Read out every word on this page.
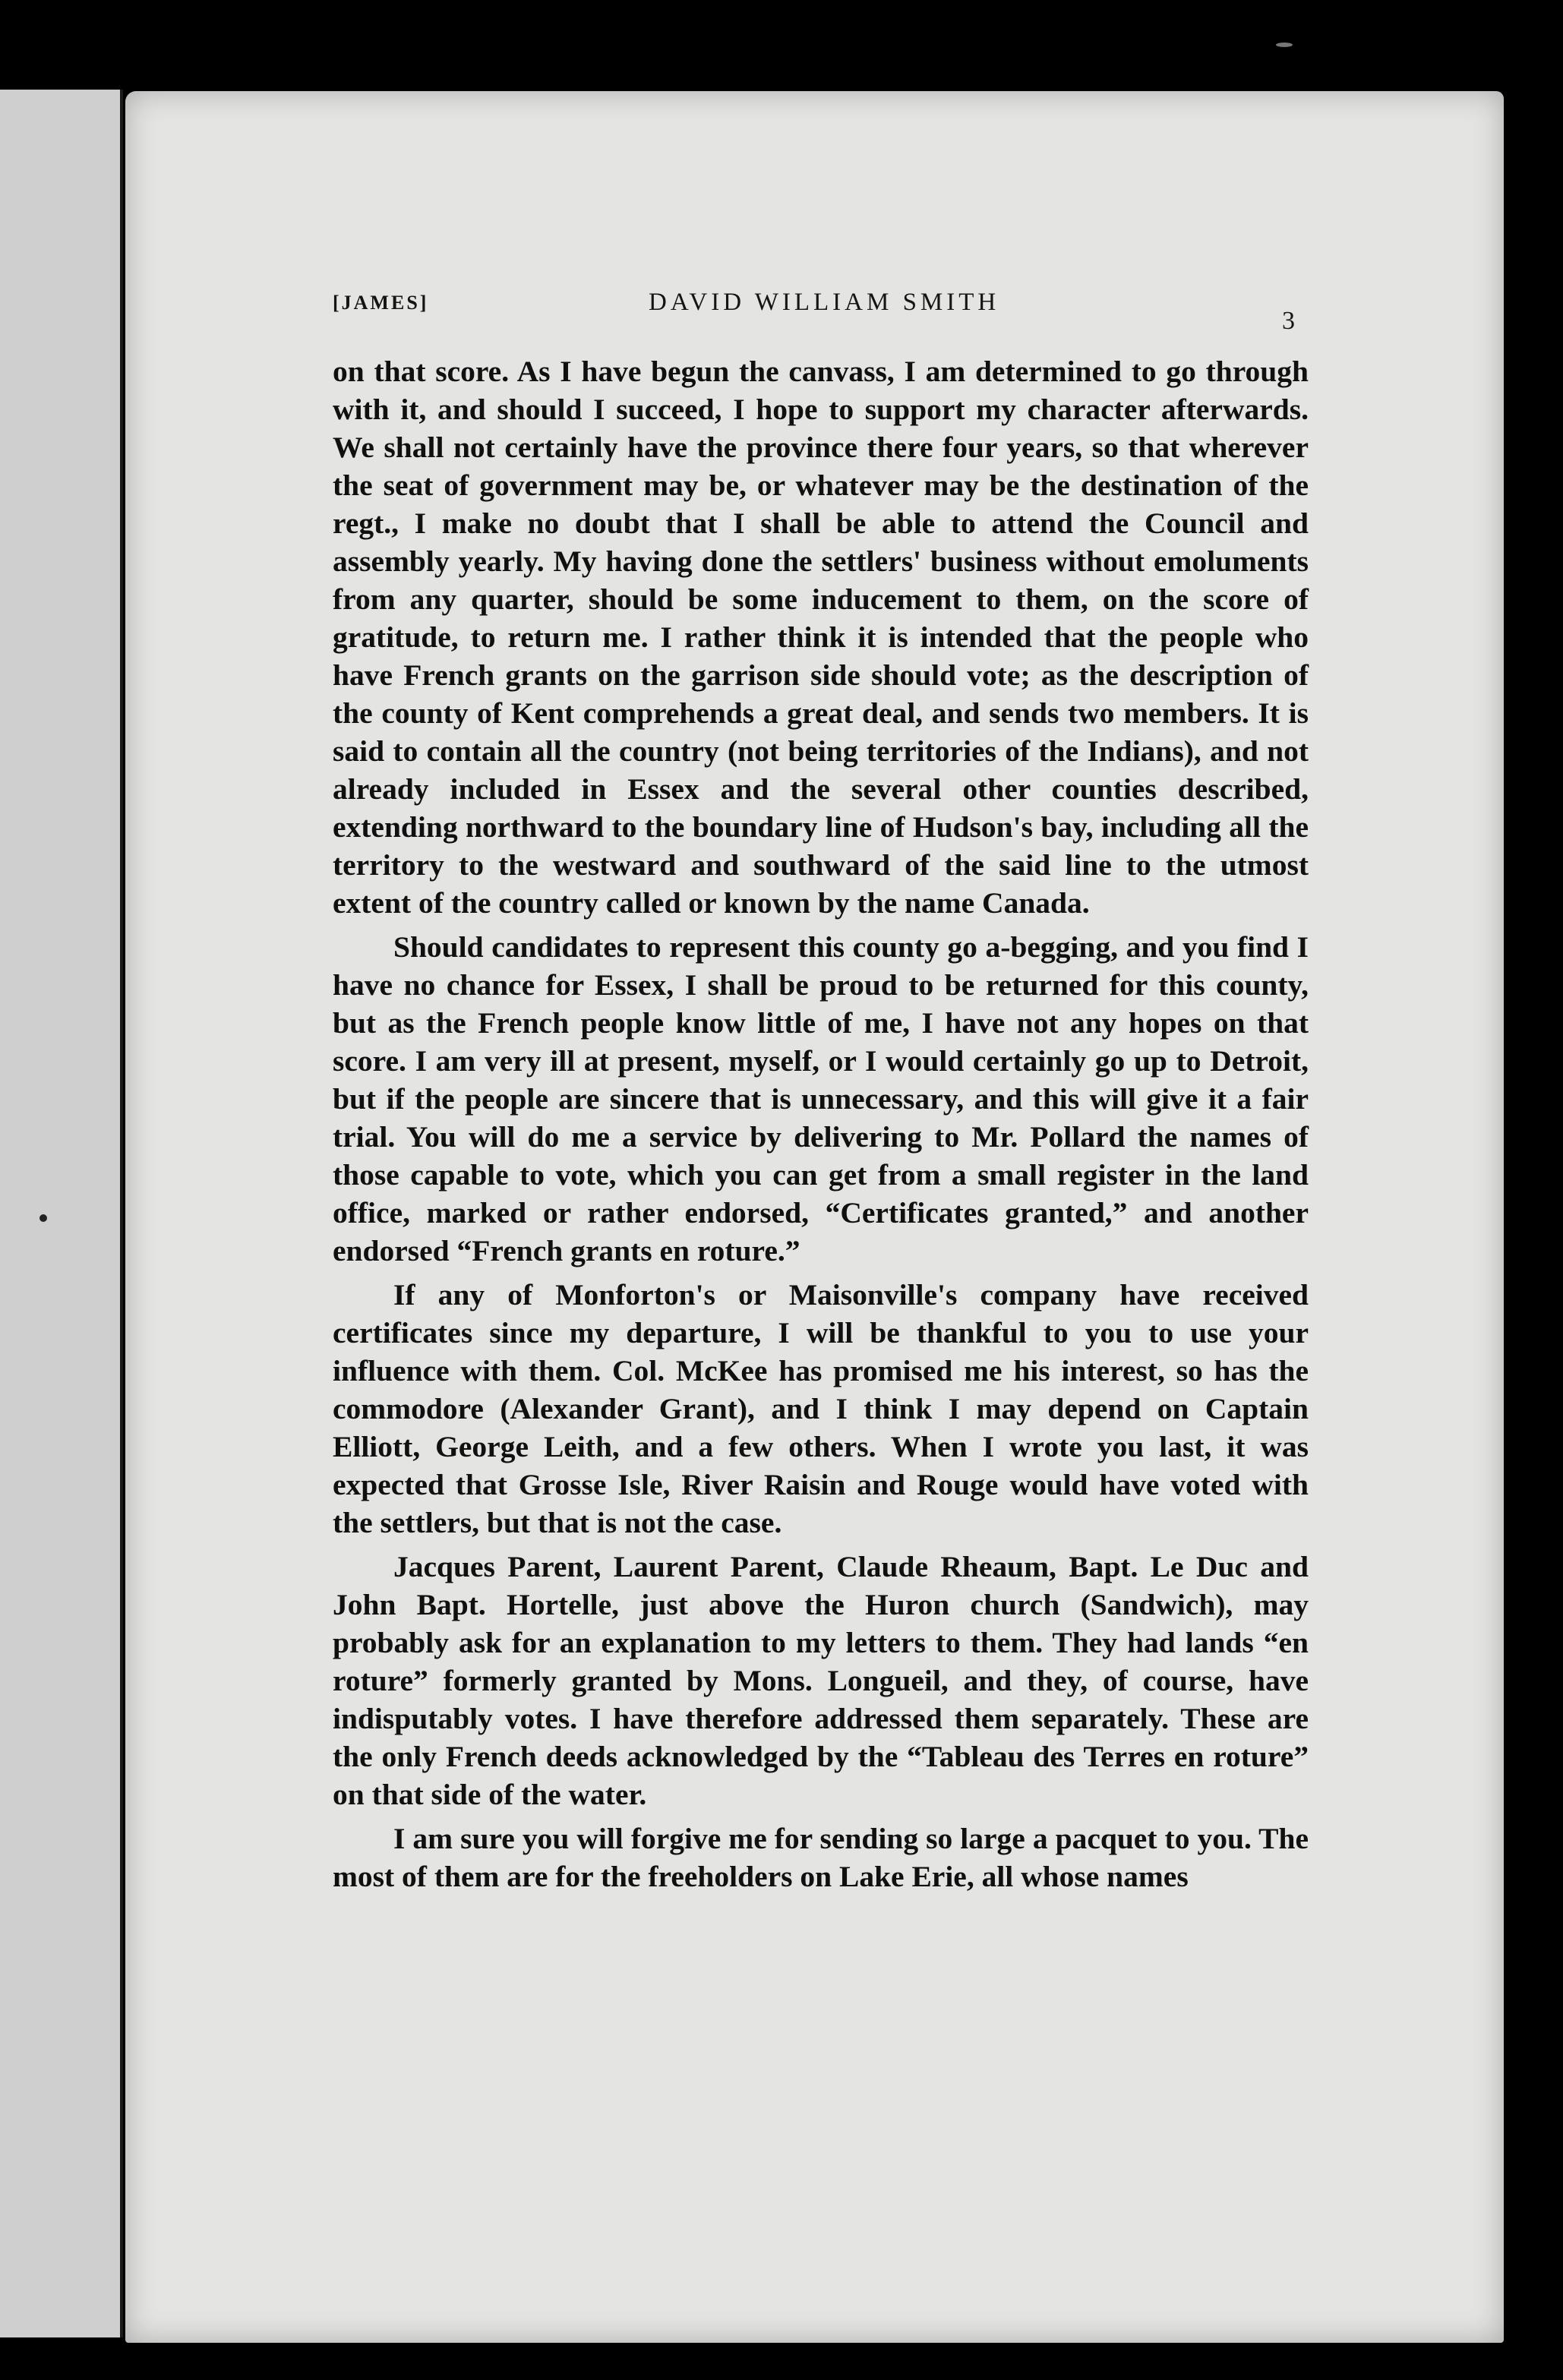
[JAMES]	DAVID WILLIAM SMITH
3

on that score. As I have begun the canvass, I am determined to go through with it, and should I succeed, I hope to support my character afterwards. We shall not certainly have the province there four years, so that wherever the seat of government may be, or whatever may be the destination of the regt., I make no doubt that I shall be able to attend the Council and assembly yearly. My having done the settlers' business without emoluments from any quarter, should be some inducement to them, on the score of gratitude, to return me. I rather think it is intended that the people who have French grants on the garrison side should vote; as the description of the county of Kent comprehends a great deal, and sends two members. It is said to contain all the country (not being territories of the Indians), and not already included in Essex and the several other counties described, extending northward to the boundary line of Hudson's bay, including all the territory to the westward and southward of the said line to the utmost extent of the country called or known by the name Canada.

Should candidates to represent this county go a-begging, and you find I have no chance for Essex, I shall be proud to be returned for this county, but as the French people know little of me, I have not any hopes on that score. I am very ill at present, myself, or I would certainly go up to Detroit, but if the people are sincere that is unnecessary, and this will give it a fair trial. You will do me a service by delivering to Mr. Pollard the names of those capable to vote, which you can get from a small register in the land office, marked or rather endorsed, “Certificates granted,” and another endorsed “French grants en roture.”

If any of Monforton's or Maisonville's company have received certificates since my departure, I will be thankful to you to use your influence with them. Col. McKee has promised me his interest, so has the commodore (Alexander Grant), and I think I may depend on Captain Elliott, George Leith, and a few others. When I wrote you last, it was expected that Grosse Isle, River Raisin and Rouge would have voted with the settlers, but that is not the case.

Jacques Parent, Laurent Parent, Claude Rheaum, Bapt. Le Duc and John Bapt. Hortelle, just above the Huron church (Sandwich), may probably ask for an explanation to my letters to them. They had lands “en roture” formerly granted by Mons. Longueil, and they, of course, have indisputably votes. I have therefore addressed them separately. These are the only French deeds acknowledged by the “Tableau des Terres en roture” on that side of the water.

I am sure you will forgive me for sending so large a pacquet to you. The most of them are for the freeholders on Lake Erie, all whose names
